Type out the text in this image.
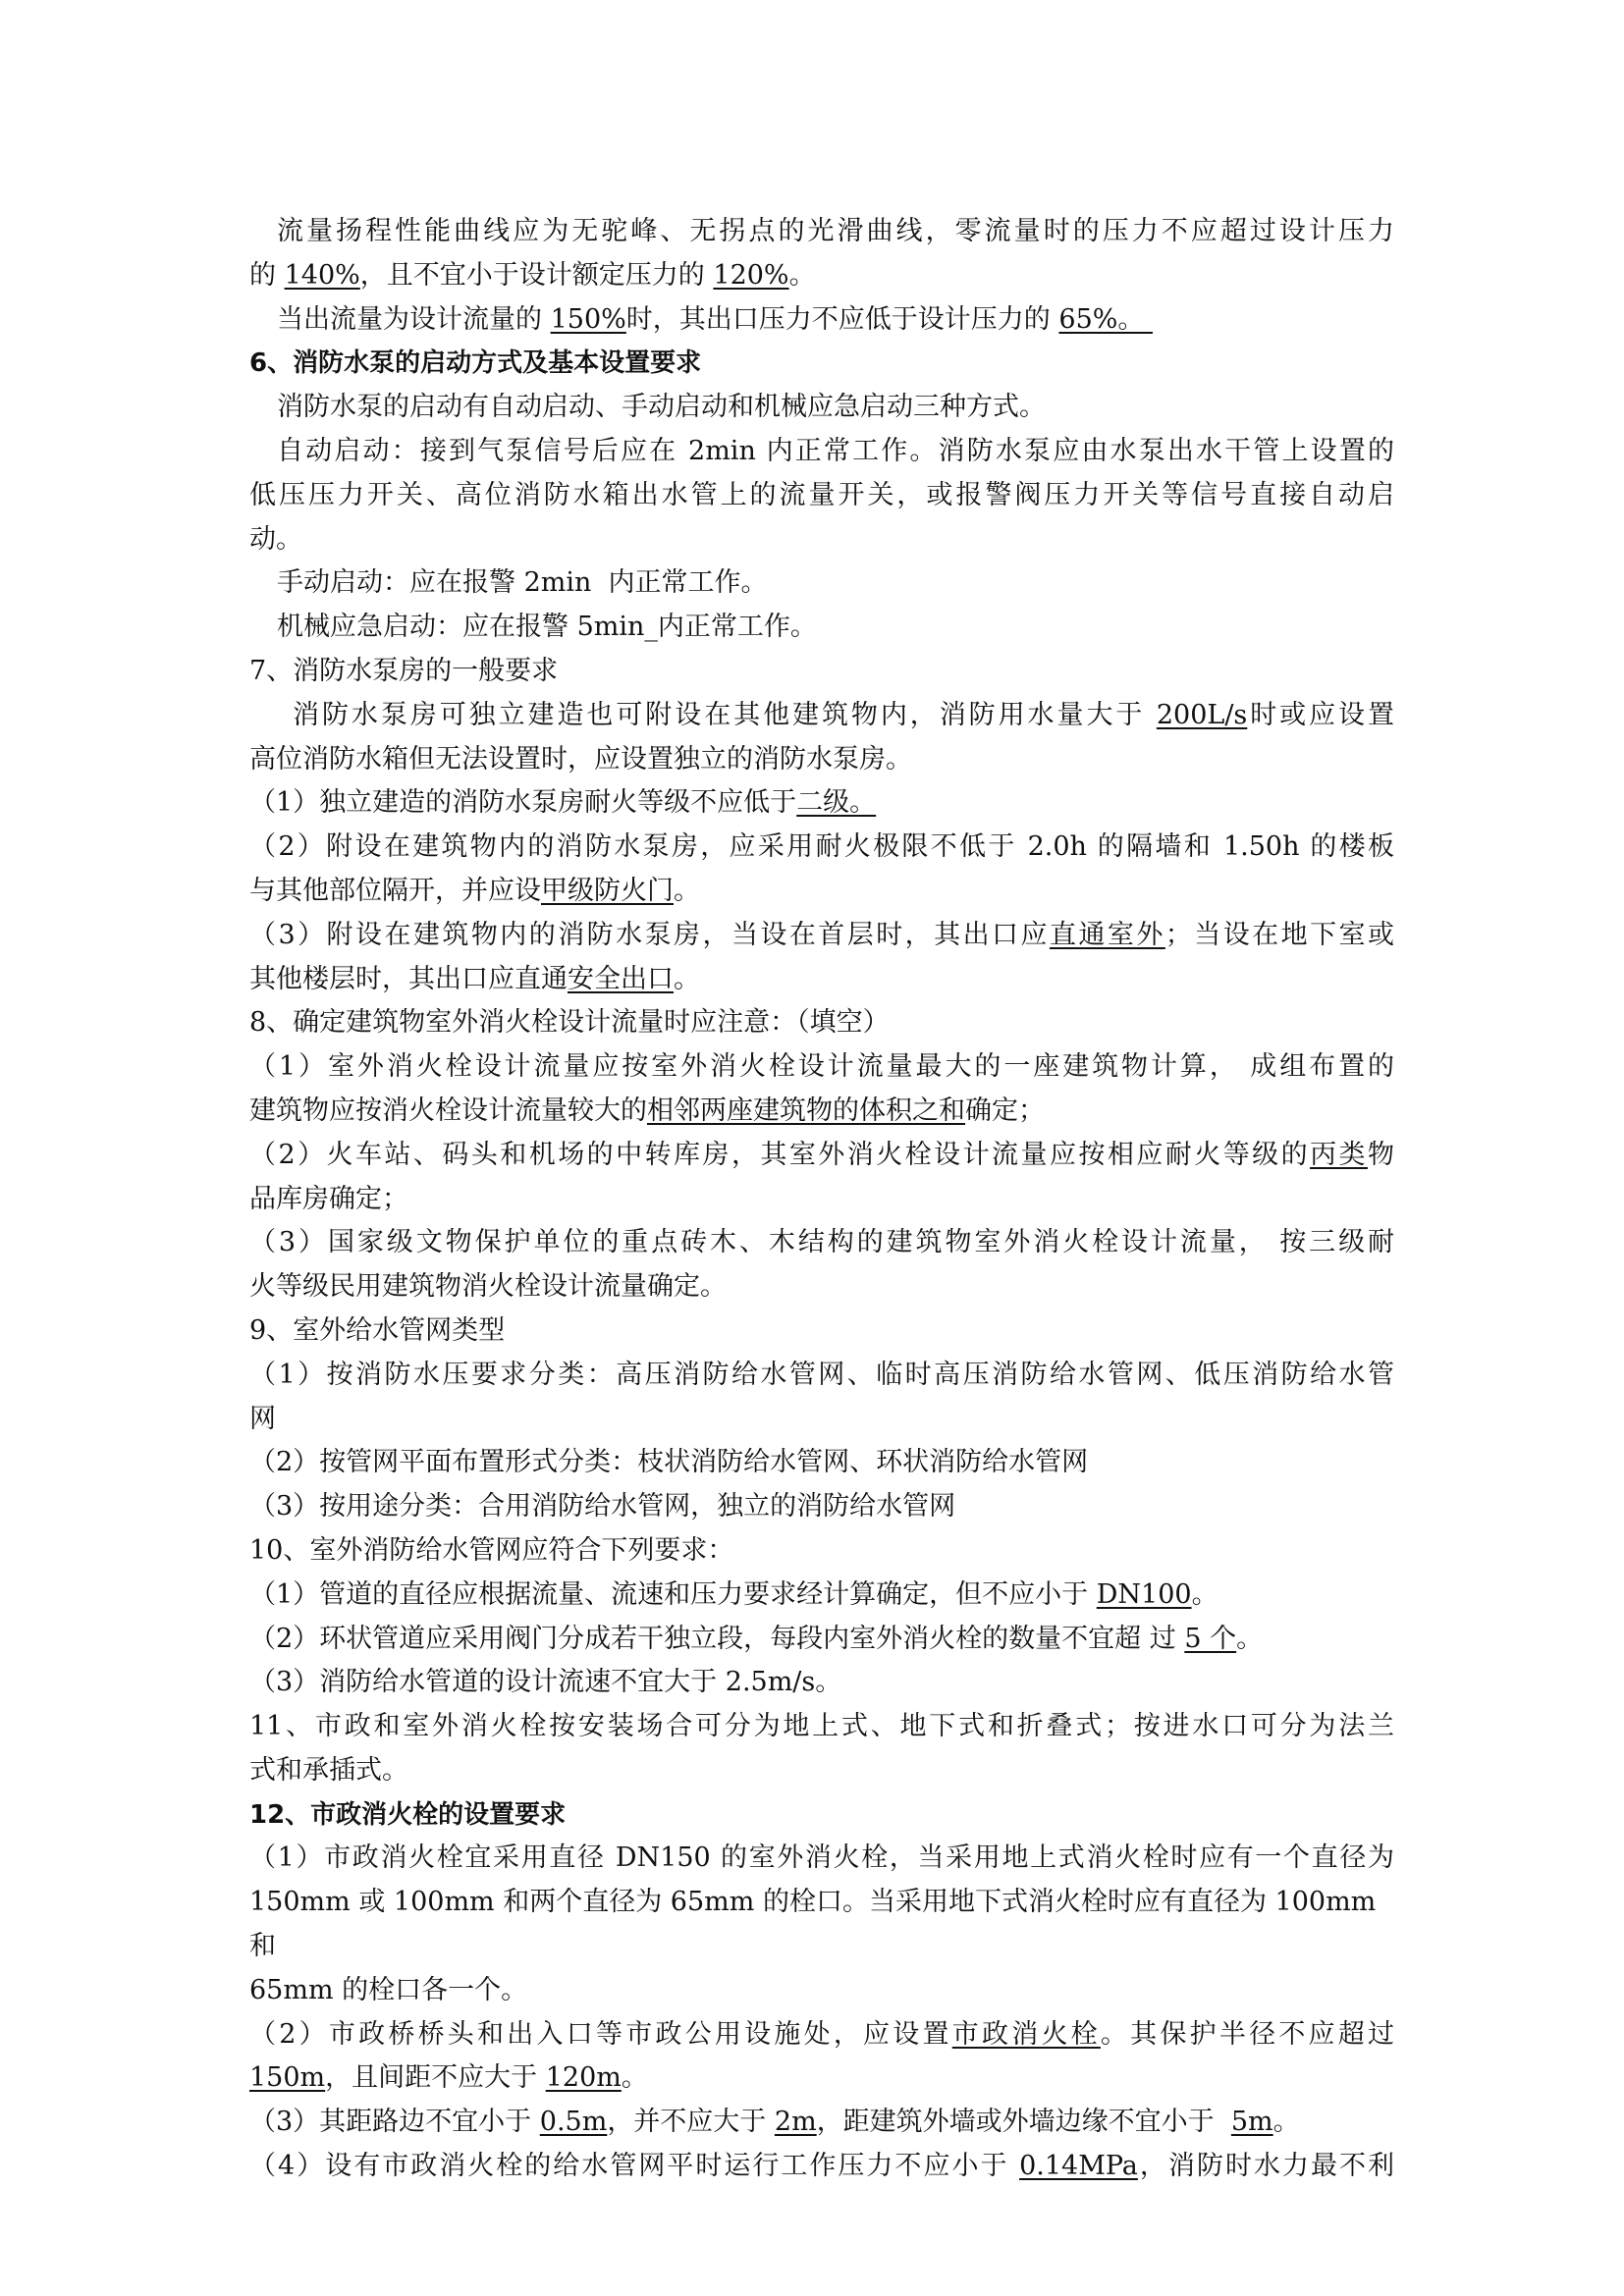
流量扬程性能曲线应为无驼峰、无拐点的光滑曲线，零流量时的压力不应超过设计压力
的 140%，且不宜小于设计额定压力的 120%。
当出流量为设计流量的 150%时，其出口压力不应低于设计压力的 65%。
6、消防水泵的启动方式及基本设置要求
消防水泵的启动有自动启动、手动启动和机械应急启动三种方式。
自动启动：接到气泵信号后应在 2min 内正常工作。消防水泵应由水泵出水干管上设置的
低压压力开关、高位消防水箱出水管上的流量开关，或报警阀压力开关等信号直接自动启
动。
手动启动：应在报警 2min  内正常工作。
机械应急启动：应在报警 5min_内正常工作。
7、消防水泵房的一般要求
消防水泵房可独立建造也可附设在其他建筑物内，消防用水量大于 200L/s时或应设置
高位消防水箱但无法设置时，应设置独立的消防水泵房。
（1）独立建造的消防水泵房耐火等级不应低于二级。
（2）附设在建筑物内的消防水泵房，应采用耐火极限不低于 2.0h 的隔墙和 1.50h 的楼板
与其他部位隔开，并应设甲级防火门。
（3）附设在建筑物内的消防水泵房，当设在首层时，其出口应直通室外；当设在地下室或
其他楼层时，其出口应直通安全出口。
8、确定建筑物室外消火栓设计流量时应注意：（填空）
（1）室外消火栓设计流量应按室外消火栓设计流量最大的一座建筑物计算， 成组布置的
建筑物应按消火栓设计流量较大的相邻两座建筑物的体积之和确定；
（2）火车站、码头和机场的中转库房，其室外消火栓设计流量应按相应耐火等级的丙类物
品库房确定；
（3）国家级文物保护单位的重点砖木、木结构的建筑物室外消火栓设计流量， 按三级耐
火等级民用建筑物消火栓设计流量确定。
9、室外给水管网类型
（1）按消防水压要求分类：高压消防给水管网、临时高压消防给水管网、低压消防给水管
网
（2）按管网平面布置形式分类：枝状消防给水管网、环状消防给水管网
（3）按用途分类：合用消防给水管网，独立的消防给水管网
10、室外消防给水管网应符合下列要求：
（1）管道的直径应根据流量、流速和压力要求经计算确定，但不应小于 DN100。
（2）环状管道应采用阀门分成若干独立段，每段内室外消火栓的数量不宜超 过 5 个。
（3）消防给水管道的设计流速不宜大于 2.5m/s。
11、市政和室外消火栓按安装场合可分为地上式、地下式和折叠式；按进水口可分为法兰
式和承插式。
12、市政消火栓的设置要求
（1）市政消火栓宜采用直径 DN150 的室外消火栓，当采用地上式消火栓时应有一个直径为
150mm 或 100mm 和两个直径为 65mm 的栓口。当采用地下式消火栓时应有直径为 100mm 和
65mm 的栓口各一个。
（2）市政桥桥头和出入口等市政公用设施处，应设置市政消火栓。其保护半径不应超过
150m，且间距不应大于 120m。
（3）其距路边不宜小于 0.5m，并不应大于 2m，距建筑外墙或外墙边缘不宜小于  5m。
（4）设有市政消火栓的给水管网平时运行工作压力不应小于 0.14MPa，消防时水力最不利
